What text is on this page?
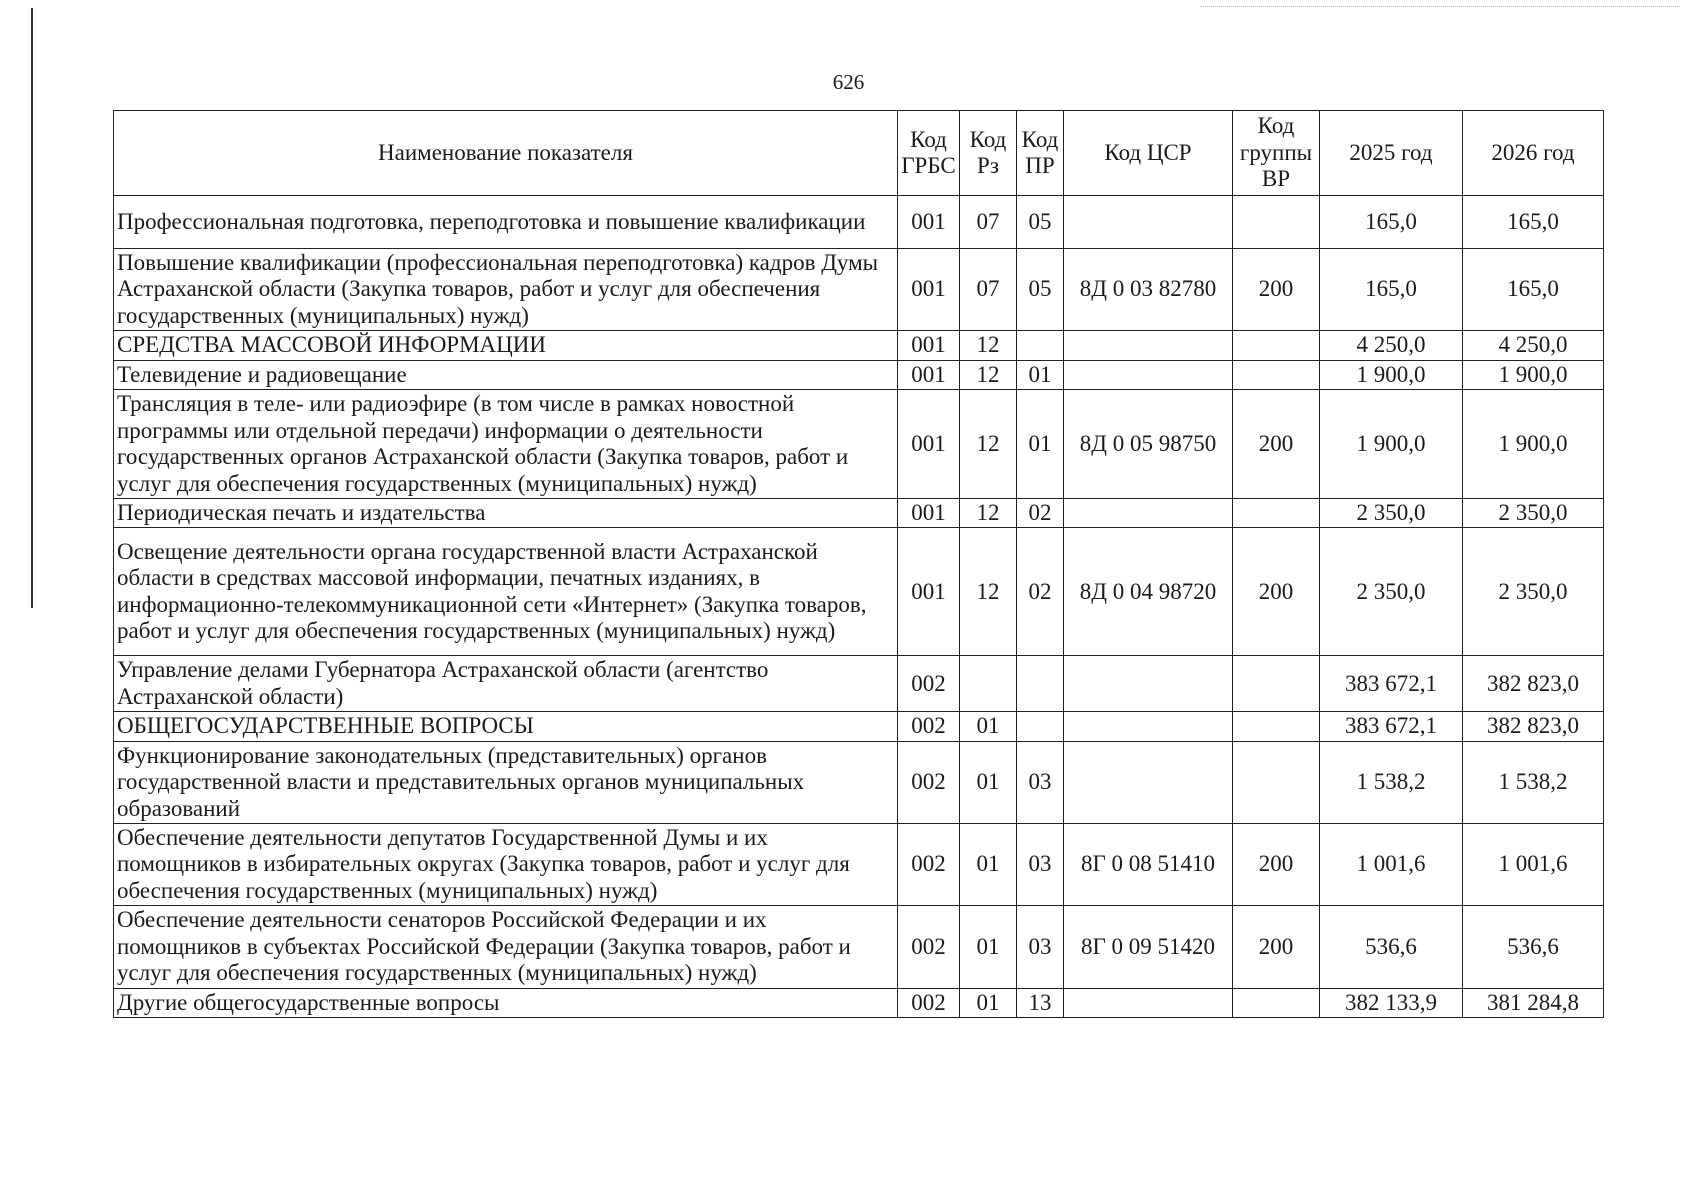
626
Наименование показателя	Код ГРБС	Код Рз	Код ПР	Код ЦСР	Код группы ВР	2025 год	2026 год
Профессиональная подготовка, переподготовка и повышение квалификации	001	07	05			165,0	165,0
Повышение квалификации (профессиональная переподготовка) кадров Думы Астраханской области (Закупка товаров, работ и услуг для обеспечения государственных (муниципальных) нужд)	001	07	05	8Д 0 03 82780	200	165,0	165,0
СРЕДСТВА МАССОВОЙ ИНФОРМАЦИИ	001	12				4 250,0	4 250,0
Телевидение и радиовещание	001	12	01			1 900,0	1 900,0
Трансляция в теле- или радиоэфире (в том числе в рамках новостной программы или отдельной передачи) информации о деятельности государственных органов Астраханской области (Закупка товаров, работ и услуг для обеспечения государственных (муниципальных) нужд)	001	12	01	8Д 0 05 98750	200	1 900,0	1 900,0
Периодическая печать и издательства	001	12	02			2 350,0	2 350,0
Освещение деятельности органа государственной власти Астраханской области в средствах массовой информации, печатных изданиях, в информационно-телекоммуникационной сети «Интернет» (Закупка товаров, работ и услуг для обеспечения государственных (муниципальных) нужд)	001	12	02	8Д 0 04 98720	200	2 350,0	2 350,0
Управление делами Губернатора Астраханской области (агентство Астраханской области)	002					383 672,1	382 823,0
ОБЩЕГОСУДАРСТВЕННЫЕ ВОПРОСЫ	002	01				383 672,1	382 823,0
Функционирование законодательных (представительных) органов государственной власти и представительных органов муниципальных образований	002	01	03			1 538,2	1 538,2
Обеспечение деятельности депутатов Государственной Думы и их помощников в избирательных округах (Закупка товаров, работ и услуг для обеспечения государственных (муниципальных) нужд)	002	01	03	8Г 0 08 51410	200	1 001,6	1 001,6
Обеспечение деятельности сенаторов Российской Федерации и их помощников в субъектах Российской Федерации (Закупка товаров, работ и услуг для обеспечения государственных (муниципальных) нужд)	002	01	03	8Г 0 09 51420	200	536,6	536,6
Другие общегосударственные вопросы	002	01	13			382 133,9	381 284,8
